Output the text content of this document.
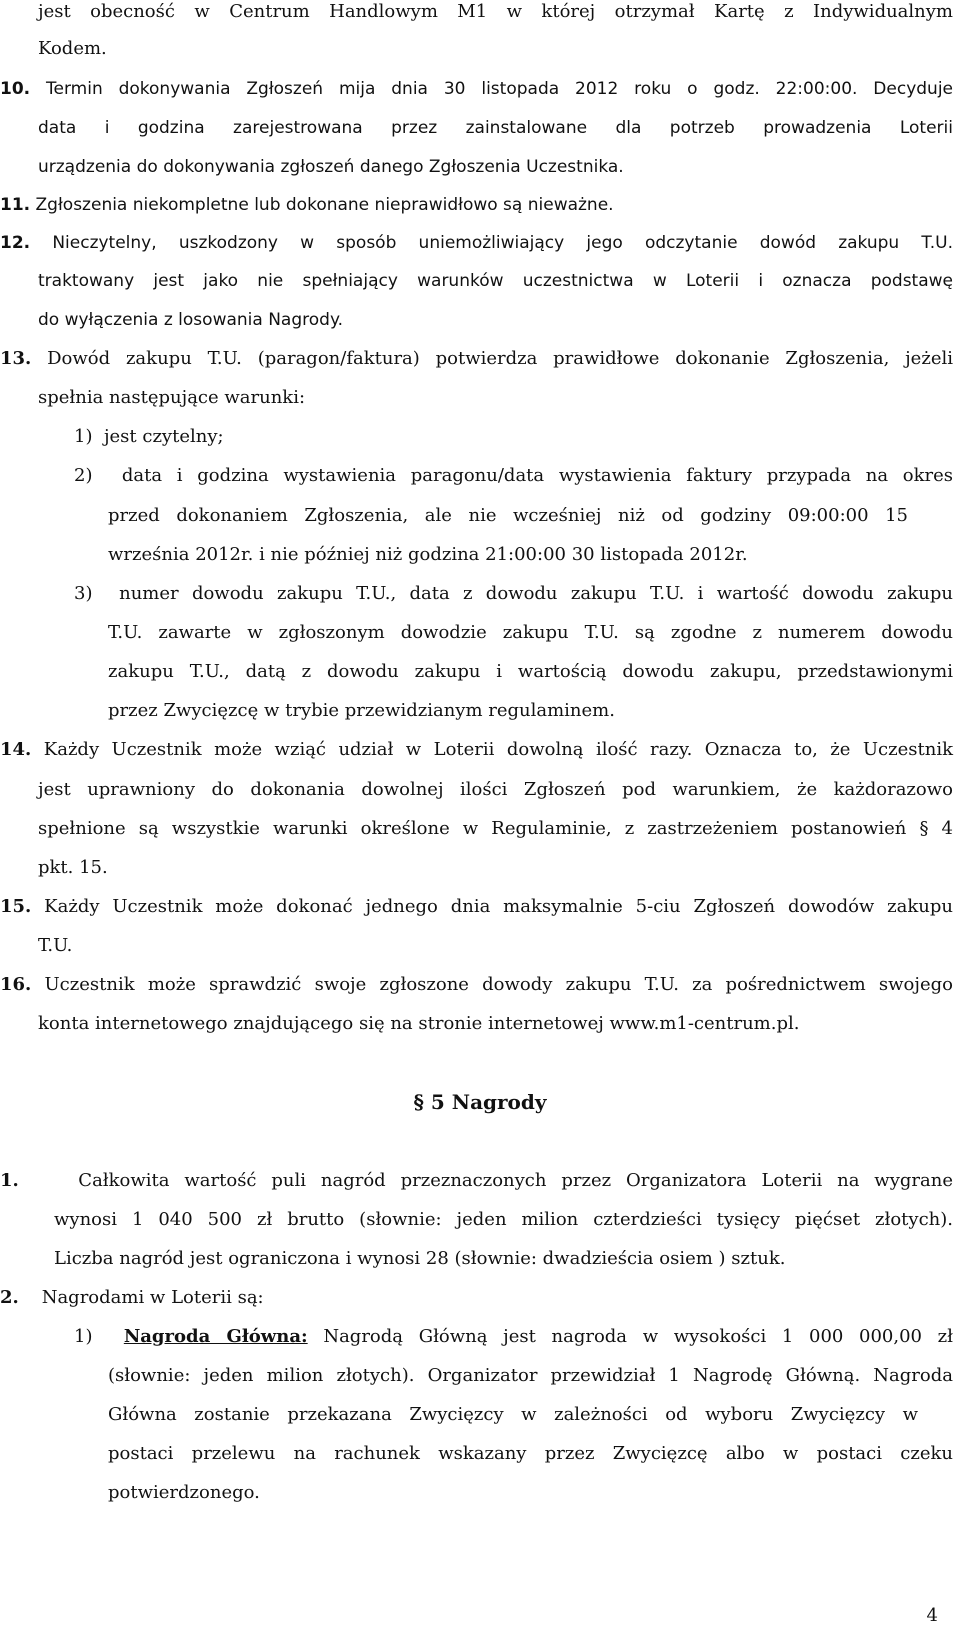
jest obecność w Centrum Handlowym M1 w której otrzymał Kartę z Indywidualnym
Kodem.
10. Termin dokonywania Zgłoszeń mija dnia 30 listopada 2012 roku o godz. 22:00:00. Decyduje
data i godzina zarejestrowana przez zainstalowane dla potrzeb prowadzenia Loterii
urządzenia do dokonywania zgłoszeń danego Zgłoszenia Uczestnika.
11. Zgłoszenia niekompletne lub dokonane nieprawidłowo są nieważne.
12. Nieczytelny, uszkodzony w sposób uniemożliwiający jego odczytanie dowód zakupu T.U.
traktowany jest jako nie spełniający warunków uczestnictwa w Loterii i oznacza podstawę
do wyłączenia z losowania Nagrody.
13. Dowód zakupu T.U. (paragon/faktura) potwierdza prawidłowe dokonanie Zgłoszenia, jeżeli
spełnia następujące warunki:
1) jest czytelny;
2) data i godzina wystawienia paragonu/data wystawienia faktury przypada na okres
przed dokonaniem Zgłoszenia, ale nie wcześniej niż od godziny 09:00:00 15
września 2012r. i nie później niż godzina 21:00:00 30 listopada 2012r.
3) numer dowodu zakupu T.U., data z dowodu zakupu T.U. i wartość dowodu zakupu
T.U. zawarte w zgłoszonym dowodzie zakupu T.U. są zgodne z numerem dowodu
zakupu T.U., datą z dowodu zakupu i wartością dowodu zakupu, przedstawionymi
przez Zwycięzcę w trybie przewidzianym regulaminem.
14. Każdy Uczestnik może wziąć udział w Loterii dowolną ilość razy. Oznacza to, że Uczestnik
jest uprawniony do dokonania dowolnej ilości Zgłoszeń pod warunkiem, że każdorazowo
spełnione są wszystkie warunki określone w Regulaminie, z zastrzeżeniem postanowień § 4
pkt. 15.
15. Każdy Uczestnik może dokonać jednego dnia maksymalnie 5-ciu Zgłoszeń dowodów zakupu
T.U.
16. Uczestnik może sprawdzić swoje zgłoszone dowody zakupu T.U. za pośrednictwem swojego
konta internetowego znajdującego się na stronie internetowej www.m1-centrum.pl.
§ 5 Nagrody
1.	Całkowita wartość puli nagród przeznaczonych przez Organizatora Loterii na wygrane
wynosi 1 040 500 zł brutto (słownie: jeden milion czterdzieści tysięcy pięćset złotych).
Liczba nagród jest ograniczona i wynosi 28 (słownie: dwadzieścia osiem ) sztuk.
2. Nagrodami w Loterii są:
1) Nagroda Główna: Nagrodą Główną jest nagroda w wysokości 1 000 000,00 zł
(słownie: jeden milion złotych). Organizator przewidział 1 Nagrodę Główną. Nagroda
Główna zostanie przekazana Zwycięzcy w zależności od wyboru Zwycięzcy w
postaci przelewu na rachunek wskazany przez Zwycięzcę albo w postaci czeku
potwierdzonego.
4
